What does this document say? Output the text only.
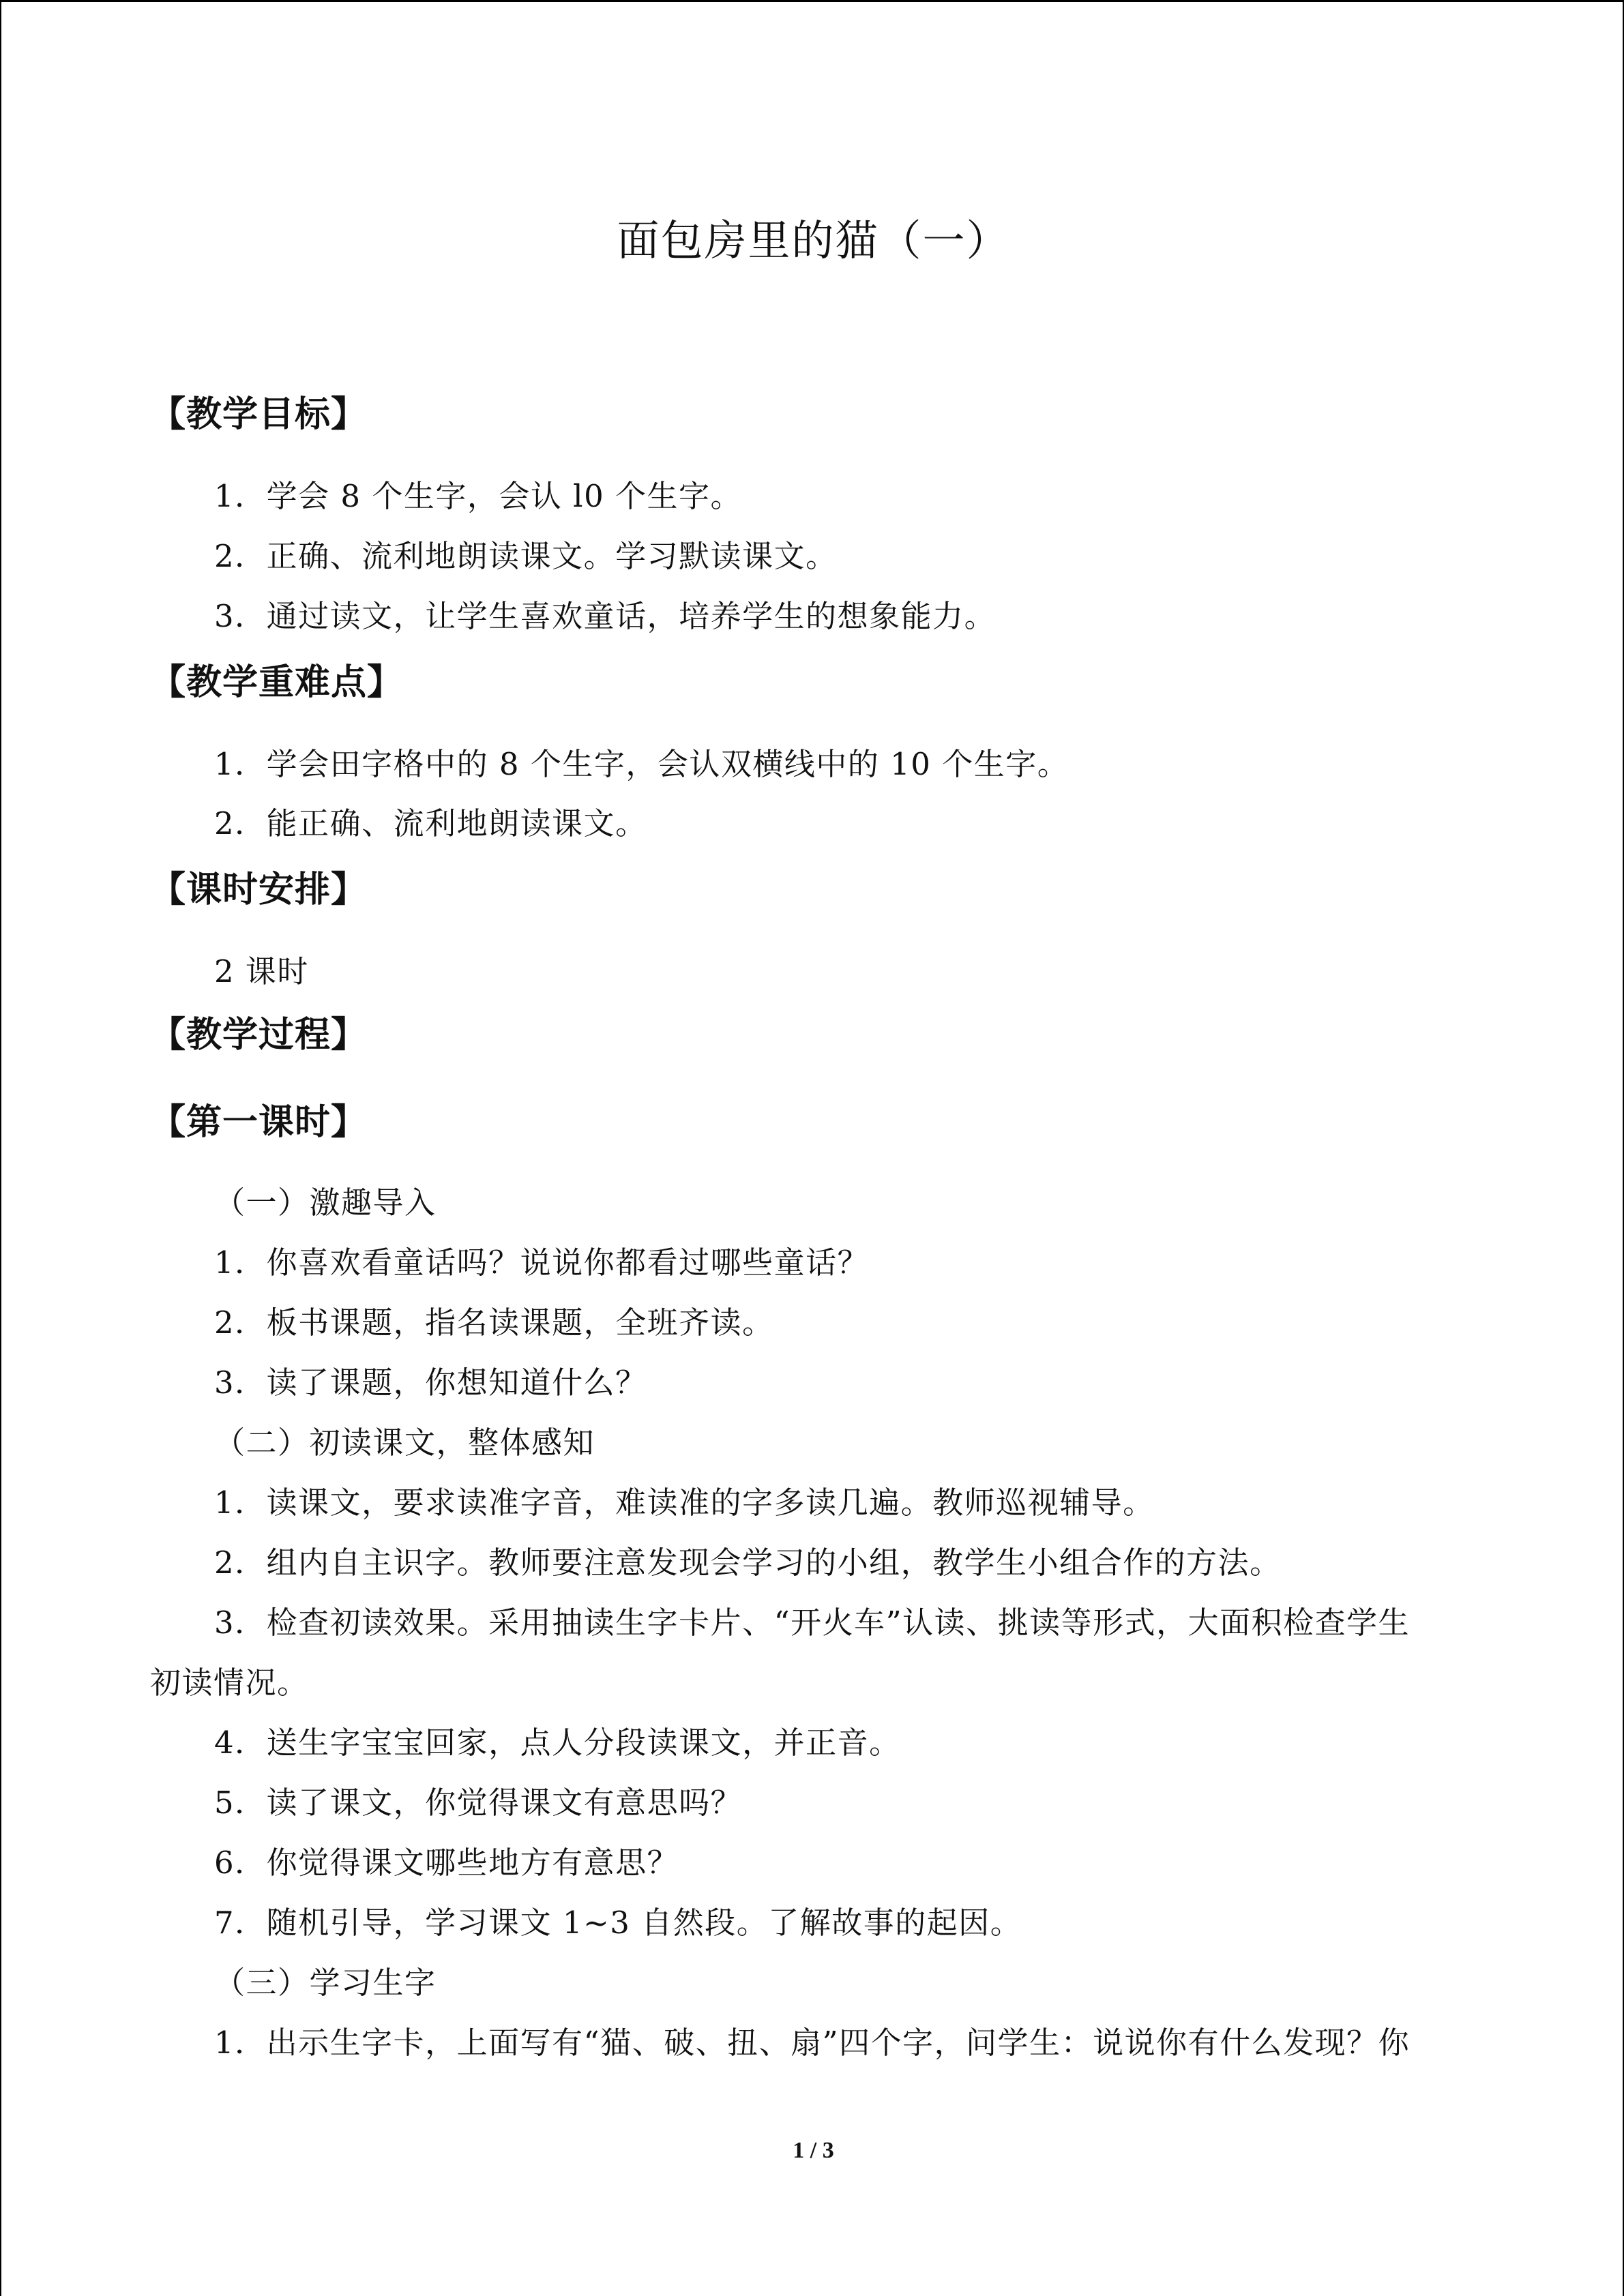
面包房里的猫（一）
【教学目标】
1．学会 8 个生字，会认 l0 个生字。
2．正确、流利地朗读课文。学习默读课文。
3．通过读文，让学生喜欢童话，培养学生的想象能力。
【教学重难点】
1．学会田字格中的 8 个生字，会认双横线中的 10 个生字。
2．能正确、流利地朗读课文。
【课时安排】
2 课时
【教学过程】
【第一课时】
（一）激趣导入
1．你喜欢看童话吗？说说你都看过哪些童话？
2．板书课题，指名读课题，全班齐读。
3．读了课题，你想知道什么？
（二）初读课文，整体感知
1．读课文，要求读准字音，难读准的字多读几遍。教师巡视辅导。
2．组内自主识字。教师要注意发现会学习的小组，教学生小组合作的方法。
3．检查初读效果。采用抽读生字卡片、“开火车”认读、挑读等形式，大面积检查学生
初读情况。
4．送生字宝宝回家，点人分段读课文，并正音。
5．读了课文，你觉得课文有意思吗？
6．你觉得课文哪些地方有意思？
7．随机引导，学习课文 1~3 自然段。了解故事的起因。
（三）学习生字
1．出示生字卡，上面写有“猫、破、扭、扇”四个字，问学生：说说你有什么发现？你
1 / 3
